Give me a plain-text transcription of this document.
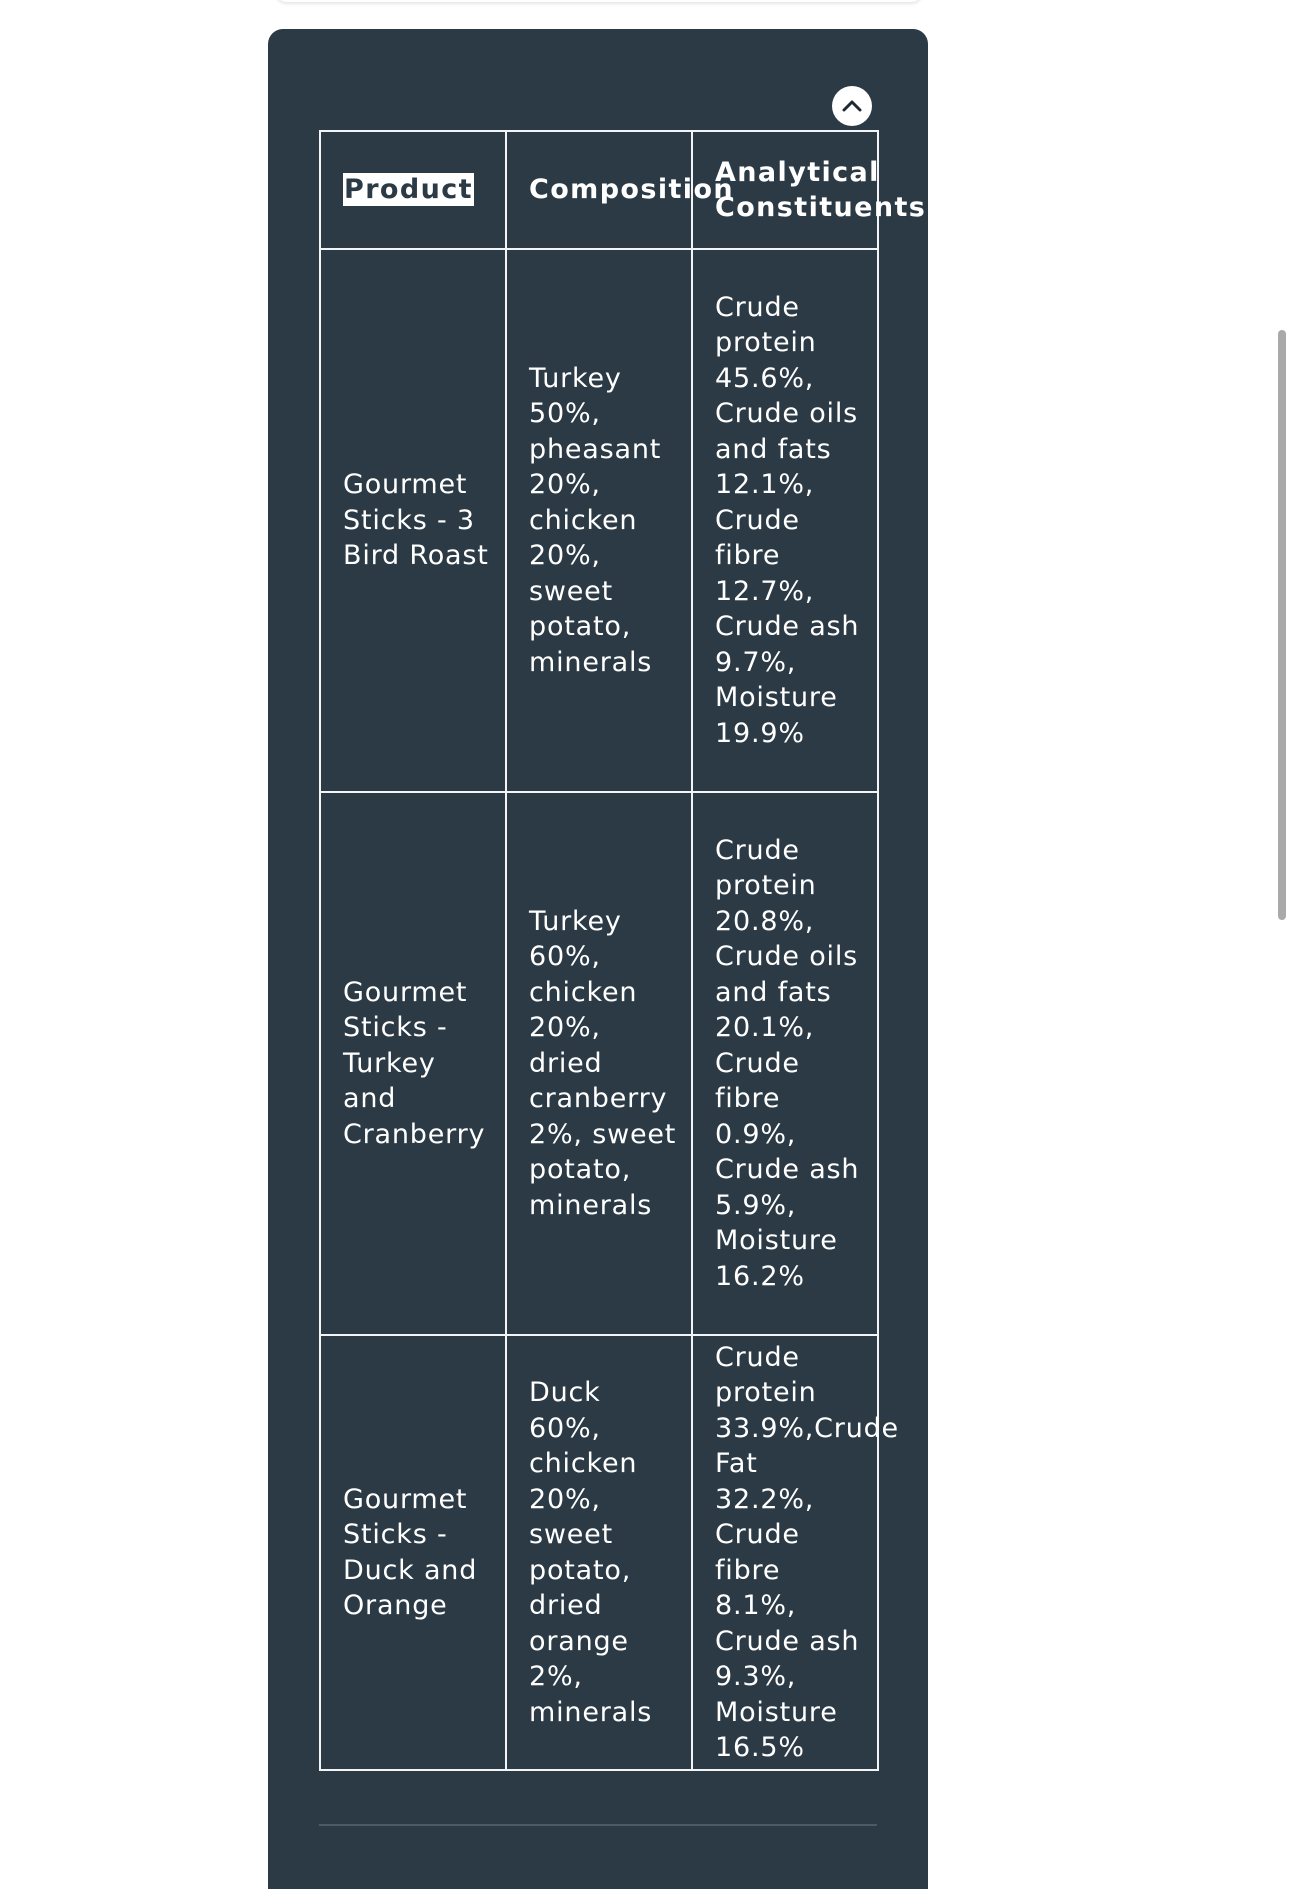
Product	Composition	Analytical Constituents
Gourmet Sticks - 3 Bird Roast	Turkey 50%, pheasant 20%, chicken 20%, sweet potato, minerals	Crude protein 45.6%, Crude oils and fats 12.1%, Crude fibre 12.7%, Crude ash 9.7%, Moisture 19.9%
Gourmet Sticks - Turkey and Cranberry	Turkey 60%, chicken 20%, dried cranberry 2%, sweet potato, minerals	Crude protein 20.8%, Crude oils and fats 20.1%, Crude fibre 0.9%, Crude ash 5.9%, Moisture 16.2%
Gourmet Sticks - Duck and Orange	Duck 60%, chicken 20%, sweet potato, dried orange 2%, minerals	Crude protein 33.9%,Crude Fat 32.2%, Crude fibre 8.1%, Crude ash 9.3%, Moisture 16.5%
